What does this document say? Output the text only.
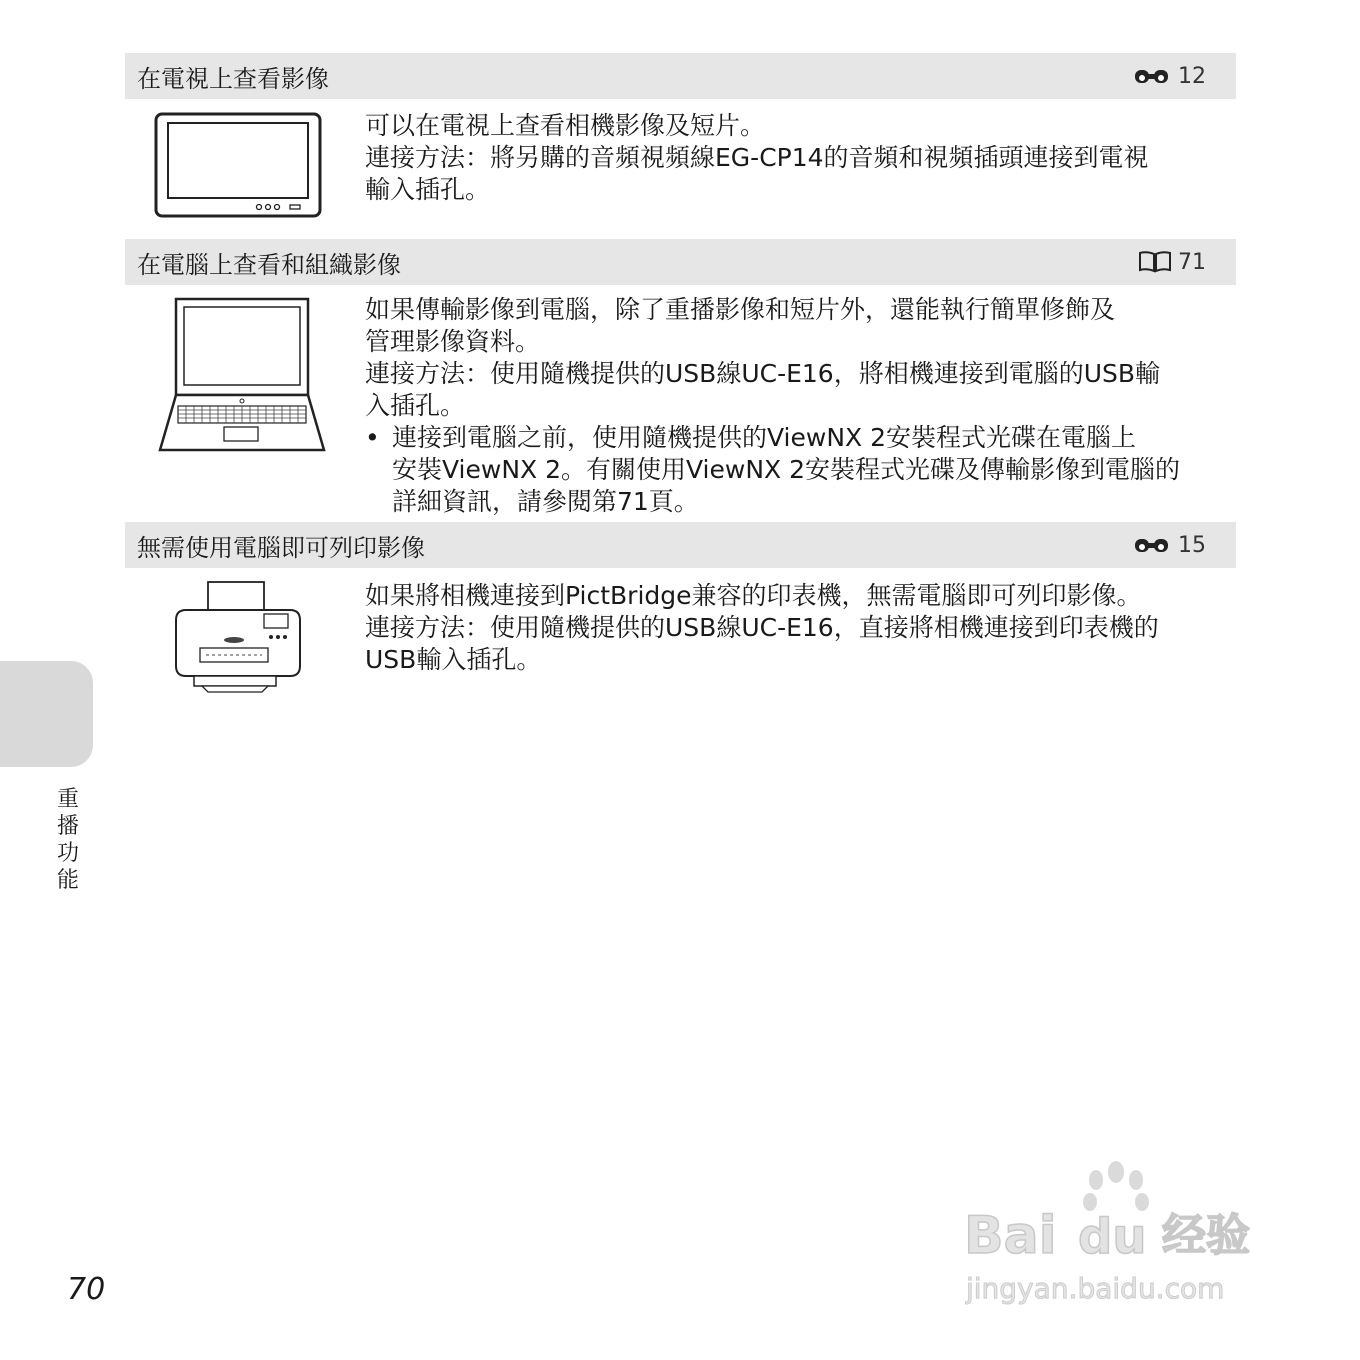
在電視上查看影像	12

可以在電視上查看相機影像及短片。

連接方法：將另購的音頻視頻線EG-CP14的音頻和視頻插頭連接到電視

輸入插孔。

在電腦上查看和組織影像	71

如果傳輸影像到電腦，除了重播影像和短片外，還能執行簡單修飾及

管理影像資料。

連接方法：使用隨機提供的USB線UC-E16，將相機連接到電腦的USB輸

入插孔。

• 連接到電腦之前，使用隨機提供的ViewNX 2安裝程式光碟在電腦上

安裝ViewNX 2。有關使用ViewNX 2安裝程式光碟及傳輸影像到電腦的

詳細資訊，請參閱第71頁。

無需使用電腦即可列印影像	15

如果將相機連接到PictBridge兼容的印表機，無需電腦即可列印影像。

連接方法：使用隨機提供的USB線UC-E16，直接將相機連接到印表機的

USB輸入插孔。

重
播
功
能
70
Bai du 经验
jingyan.baidu.com
